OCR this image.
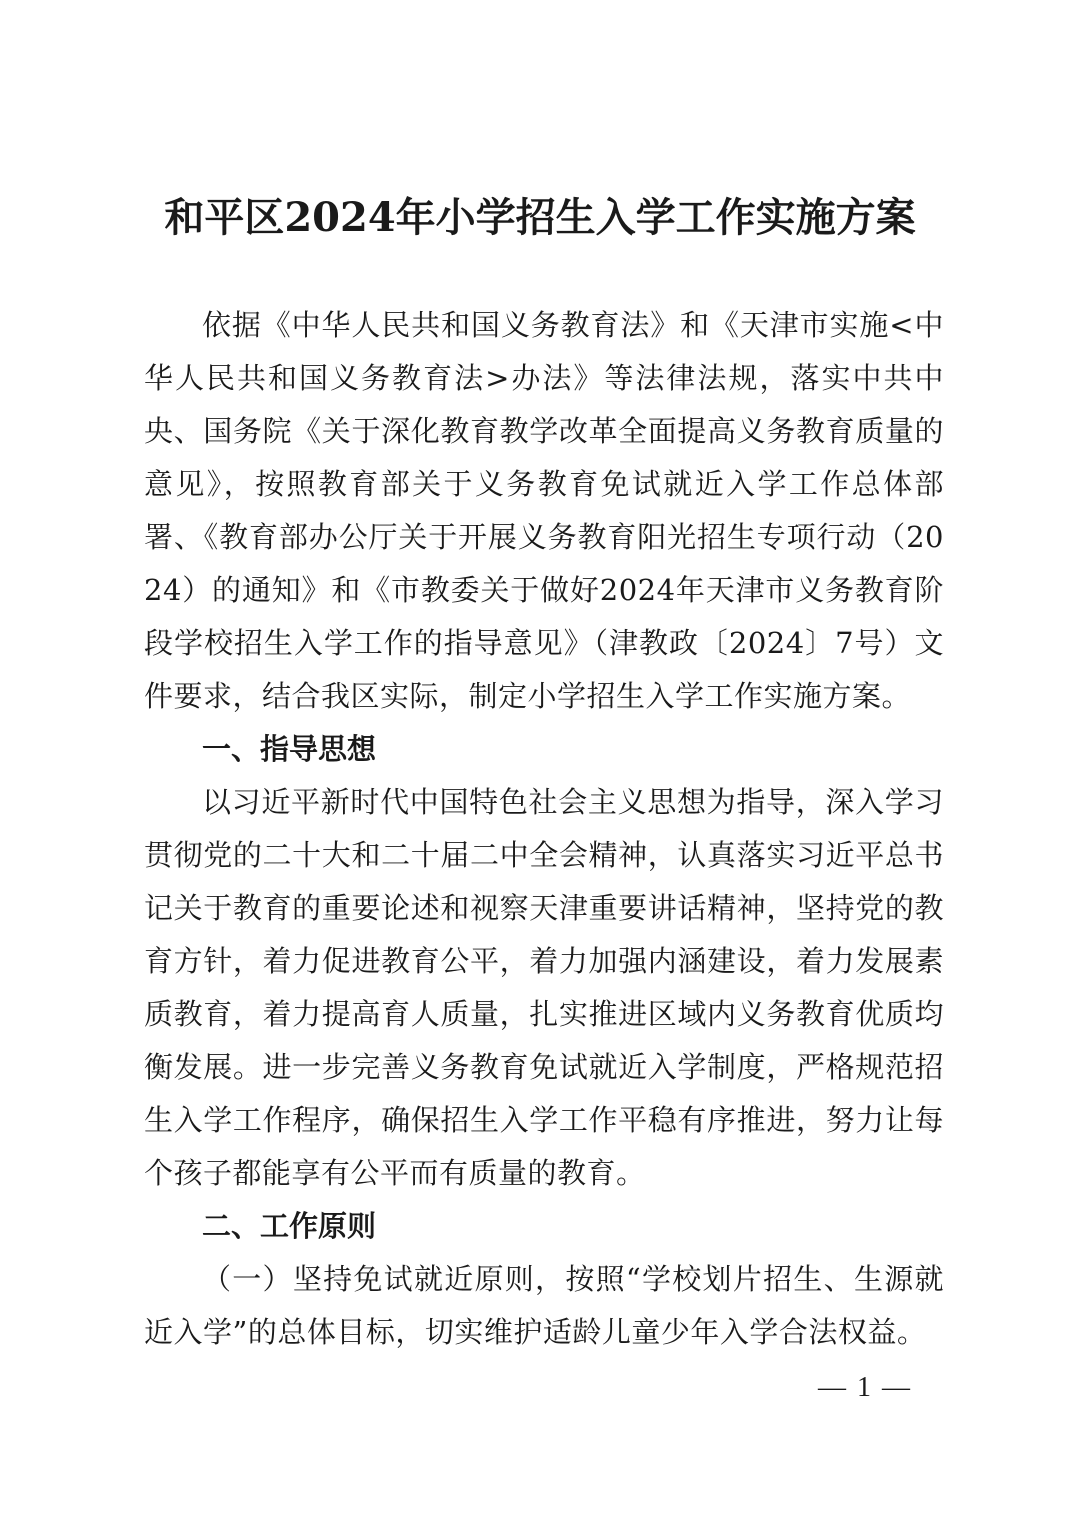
和平区2024年小学招生入学工作实施方案

依据《中华人民共和国义务教育法》和《天津市实施<中华人民共和国义务教育法>办法》等法律法规，落实中共中央、国务院《关于深化教育教学改革全面提高义务教育质量的意见》，按照教育部关于义务教育免试就近入学工作总体部署、《教育部办公厅关于开展义务教育阳光招生专项行动（2024）的通知》和《市教委关于做好2024年天津市义务教育阶段学校招生入学工作的指导意见》（津教政〔2024〕7号）文件要求，结合我区实际，制定小学招生入学工作实施方案。

一、指导思想

以习近平新时代中国特色社会主义思想为指导，深入学习贯彻党的二十大和二十届二中全会精神，认真落实习近平总书记关于教育的重要论述和视察天津重要讲话精神，坚持党的教育方针，着力促进教育公平，着力加强内涵建设，着力发展素质教育，着力提高育人质量，扎实推进区域内义务教育优质均衡发展。进一步完善义务教育免试就近入学制度，严格规范招生入学工作程序，确保招生入学工作平稳有序推进，努力让每个孩子都能享有公平而有质量的教育。

二、工作原则

（一）坚持免试就近原则，按照“学校划片招生、生源就近入学”的总体目标，切实维护适龄儿童少年入学合法权益。

— 1 —
